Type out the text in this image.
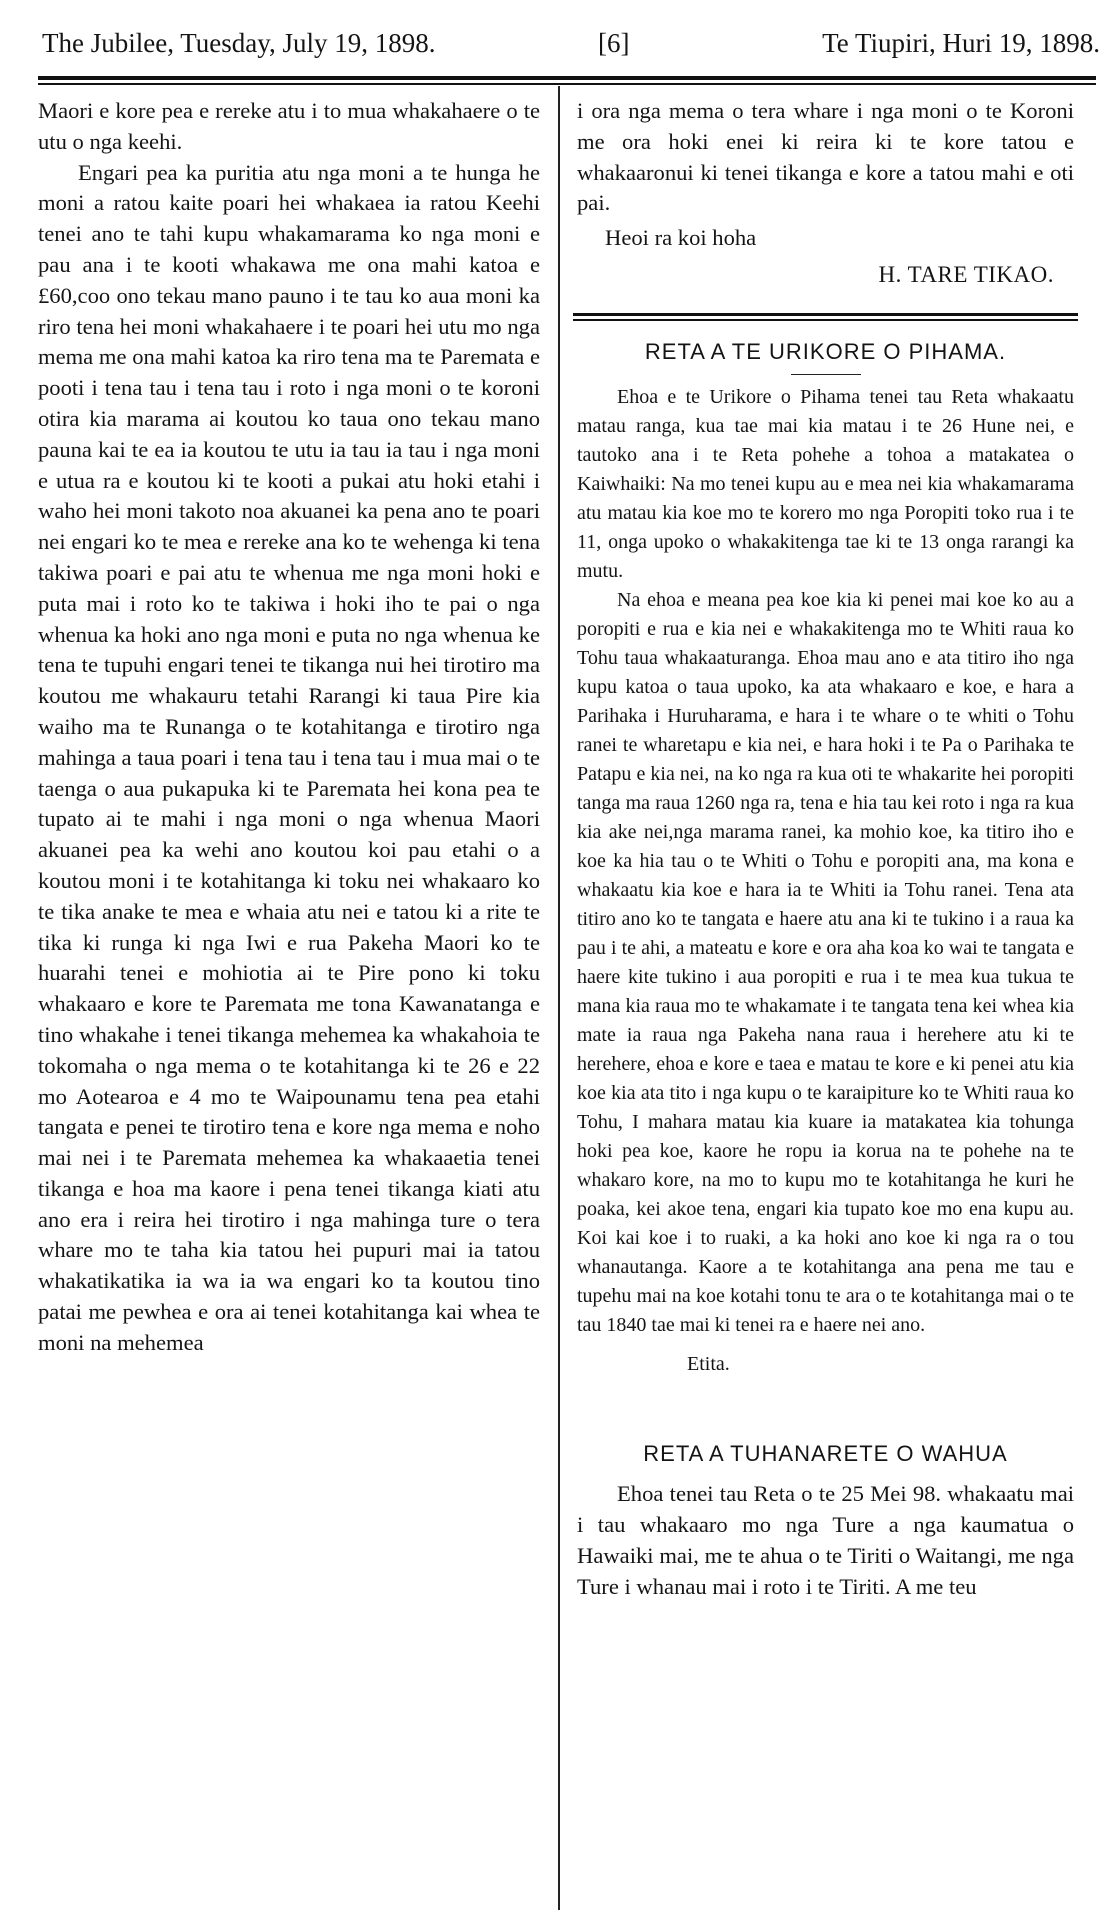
The Jubilee, Tuesday, July 19, 1898.	[6]	Te Tiupiri, Huri 19, 1898.

Maori e kore pea e rereke atu i to mua whakahaere o te utu o nga keehi.

Engari pea ka puritia atu nga moni a te hunga he moni a ratou kaite poari hei whakaea ia ratou Keehi tenei ano te tahi kupu whakamarama ko nga moni e pau ana i te kooti whakawa me ona mahi katoa e £60,coo ono tekau mano pauno i te tau ko aua moni ka riro tena hei moni whakahaere i te poari hei utu mo nga mema me ona mahi katoa ka riro tena ma te Paremata e pooti i tena tau i tena tau i roto i nga moni o te koroni otira kia marama ai koutou ko taua ono tekau mano pauna kai te ea ia koutou te utu ia tau ia tau i nga moni e utua ra e koutou ki te kooti a pukai atu hoki etahi i waho hei moni takoto noa akuanei ka pena ano te poari nei engari ko te mea e rereke ana ko te wehenga ki tena takiwa poari e pai atu te whenua me nga moni hoki e puta mai i roto ko te takiwa i hoki iho te pai o nga whenua ka hoki ano nga moni e puta no nga whenua ke tena te tupuhi engari tenei te tikanga nui hei tirotiro ma koutou me whakauru tetahi Rarangi ki taua Pire kia waiho ma te Runanga o te kotahitanga e tirotiro nga mahinga a taua poari i tena tau i tena tau i mua mai o te taenga o aua pukapuka ki te Paremata hei kona pea te tupato ai te mahi i nga moni o nga whenua Maori akuanei pea ka wehi ano koutou koi pau etahi o a koutou moni i te kotahitanga ki toku nei whakaaro ko te tika anake te mea e whaia atu nei e tatou ki a rite te tika ki runga ki nga Iwi e rua Pakeha Maori ko te huarahi tenei e mohiotia ai te Pire pono ki toku whakaaro e kore te Paremata me tona Kawanatanga e tino whakahe i tenei tikanga mehemea ka whakahoia te tokomaha o nga mema o te kotahitanga ki te 26 e 22 mo Aotearoa e 4 mo te Waipounamu tena pea etahi tangata e penei te tirotiro tena e kore nga mema e noho mai nei i te Paremata mehemea ka whakaaetia tenei tikanga e hoa ma kaore i pena tenei tikanga kiati atu ano era i reira hei tirotiro i nga mahinga ture o tera whare mo te taha kia tatou hei pupuri mai ia tatou whakatikatika ia wa ia wa engari ko ta koutou tino patai me pewhea e ora ai tenei kotahitanga kai whea te moni na mehemea

i ora nga mema o tera whare i nga moni o te Koroni me ora hoki enei ki reira ki te kore tatou e whakaaronui ki tenei tikanga e kore a tatou mahi e oti pai.

Heoi ra koi hoha

H. TARE TIKAO.

RETA A TE URIKORE O PIHAMA.

Ehoa e te Urikore o Pihama tenei tau Reta whakaatu matau ranga, kua tae mai kia matau i te 26 Hune nei, e tautoko ana i te Reta pohehe a tohoa a matakatea o Kaiwhaiki: Na mo tenei kupu au e mea nei kia whakamarama atu matau kia koe mo te korero mo nga Poropiti toko rua i te 11, onga upoko o whakakitenga tae ki te 13 onga rarangi ka mutu.

Na ehoa e meana pea koe kia ki penei mai koe ko au a poropiti e rua e kia nei e whakakitenga mo te Whiti raua ko Tohu taua whakaaturanga. Ehoa mau ano e ata titiro iho nga kupu katoa o taua upoko, ka ata whakaaro e koe, e hara a Parihaka i Huruharama, e hara i te whare o te whiti o Tohu ranei te wharetapu e kia nei, e hara hoki i te Pa o Parihaka te Patapu e kia nei, na ko nga ra kua oti te whakarite hei poropiti tanga ma raua 1260 nga ra, tena e hia tau kei roto i nga ra kua kia ake nei,nga marama ranei, ka mohio koe, ka titiro iho e koe ka hia tau o te Whiti o Tohu e poropiti ana, ma kona e whakaatu kia koe e hara ia te Whiti ia Tohu ranei. Tena ata titiro ano ko te tangata e haere atu ana ki te tukino i a raua ka pau i te ahi, a mateatu e kore e ora aha koa ko wai te tangata e haere kite tukino i aua poropiti e rua i te mea kua tukua te mana kia raua mo te whakamate i te tangata tena kei whea kia mate ia raua nga Pakeha nana raua i herehere atu ki te herehere, ehoa e kore e taea e matau te kore e ki penei atu kia koe kia ata tito i nga kupu o te karaipiture ko te Whiti raua ko Tohu, I mahara matau kia kuare ia matakatea kia tohunga hoki pea koe, kaore he ropu ia korua na te pohehe na te whakaro kore, na mo to kupu mo te kotahitanga he kuri he poaka, kei akoe tena, engari kia tupato koe mo ena kupu au. Koi kai koe i to ruaki, a ka hoki ano koe ki nga ra o tou whanautanga. Kaore a te kotahitanga ana pena me tau e tupehu mai na koe kotahi tonu te ara o te kotahitanga mai o te tau 1840 tae mai ki tenei ra e haere nei ano.

Etita.

RETA A TUHANARETE O WAHUA

Ehoa tenei tau Reta o te 25 Mei 98. whakaatu mai i tau whakaaro mo nga Ture a nga kaumatua o Hawaiki mai, me te ahua o te Tiriti o Waitangi, me nga Ture i whanau mai i roto i te Tiriti. A me teu
